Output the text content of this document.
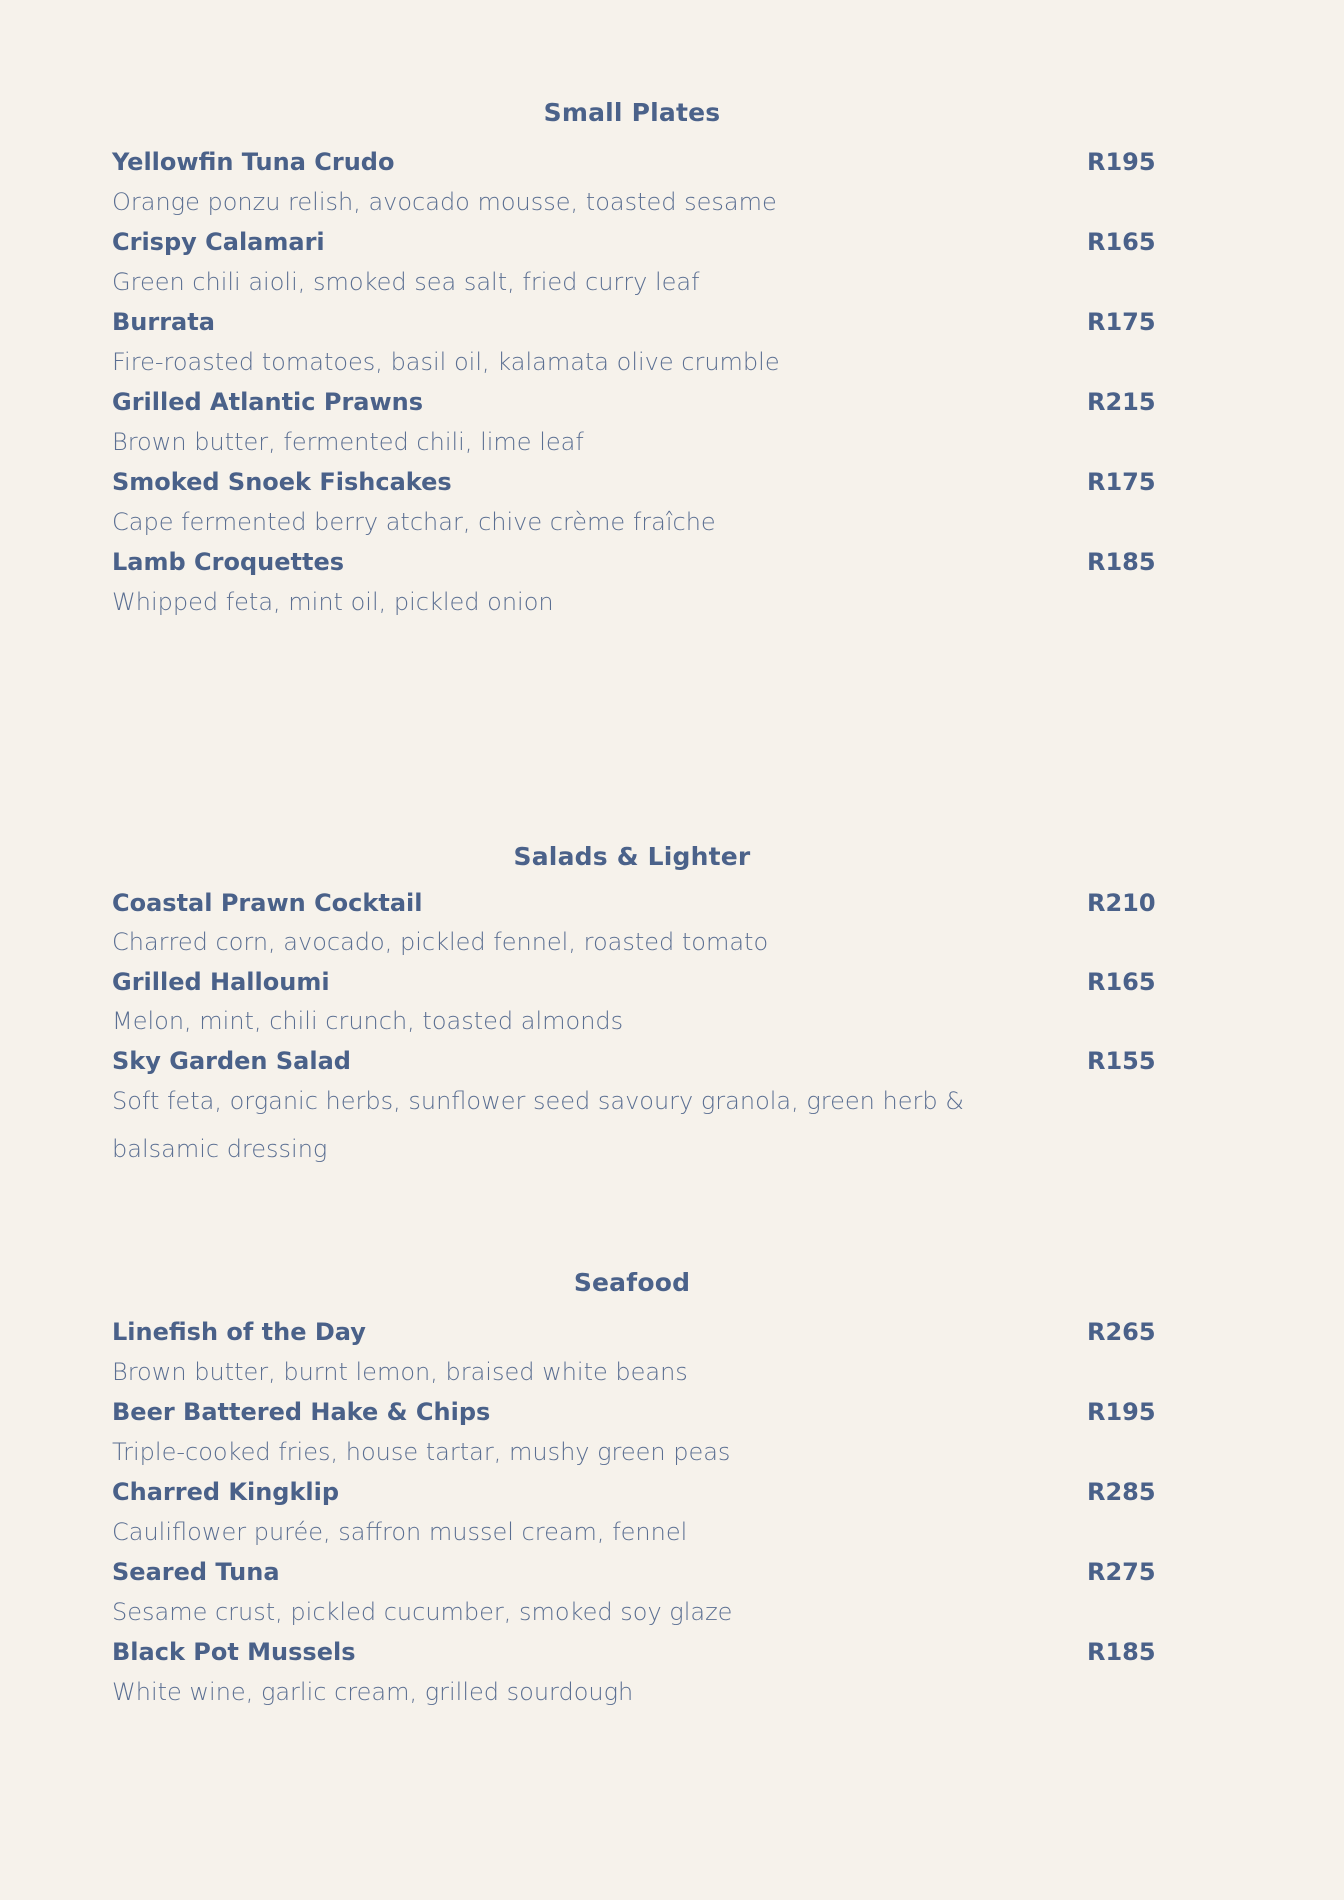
Small Plates
Yellowfin Tuna Crudo	R195

Orange ponzu relish, avocado mousse, toasted sesame

Crispy Calamari	R165

Green chili aioli, smoked sea salt, fried curry leaf

Burrata	R175

Fire-roasted tomatoes, basil oil, kalamata olive crumble

Grilled Atlantic Prawns	R215

Brown butter, fermented chili, lime leaf

Smoked Snoek Fishcakes	R175

Cape fermented berry atchar, chive crème fraîche

Lamb Croquettes	R185

Whipped feta, mint oil, pickled onion

Salads & Lighter
Coastal Prawn Cocktail	R210

Charred corn, avocado, pickled fennel, roasted tomato

Grilled Halloumi	R165

Melon, mint, chili crunch, toasted almonds

Sky Garden Salad	R155

Soft feta, organic herbs, sunflower seed savoury granola, green herb & balsamic dressing

Seafood
Linefish of the Day	R265

Brown butter, burnt lemon, braised white beans

Beer Battered Hake & Chips	R195

Triple-cooked fries, house tartar, mushy green peas

Charred Kingklip	R285

Cauliflower purée, saffron mussel cream, fennel

Seared Tuna	R275

Sesame crust, pickled cucumber, smoked soy glaze

Black Pot Mussels	R185

White wine, garlic cream, grilled sourdough
